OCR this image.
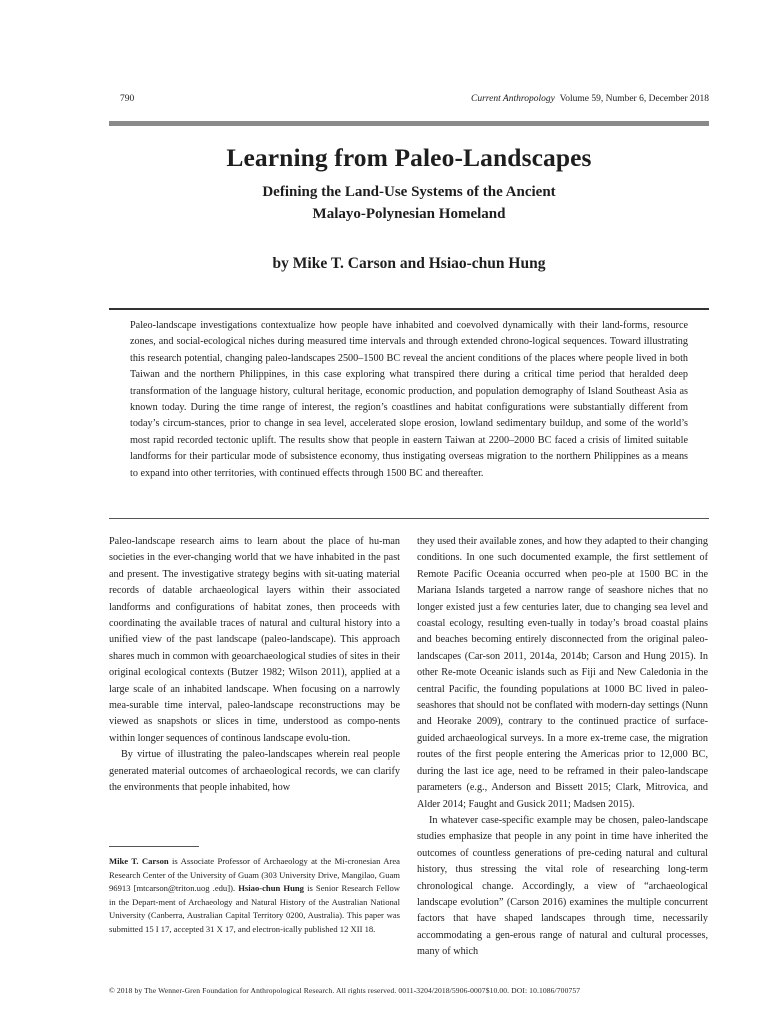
790	Current Anthropology Volume 59, Number 6, December 2018
Learning from Paleo-Landscapes
Defining the Land-Use Systems of the Ancient
Malayo-Polynesian Homeland
by Mike T. Carson and Hsiao-chun Hung
Paleo-landscape investigations contextualize how people have inhabited and coevolved dynamically with their land-forms, resource zones, and social-ecological niches during measured time intervals and through extended chrono-logical sequences. Toward illustrating this research potential, changing paleo-landscapes 2500–1500 BC reveal the ancient conditions of the places where people lived in both Taiwan and the northern Philippines, in this case exploring what transpired there during a critical time period that heralded deep transformation of the language history, cultural heritage, economic production, and population demography of Island Southeast Asia as known today. During the time range of interest, the region’s coastlines and habitat configurations were substantially different from today’s circum-stances, prior to change in sea level, accelerated slope erosion, lowland sedimentary buildup, and some of the world’s most rapid recorded tectonic uplift. The results show that people in eastern Taiwan at 2200–2000 BC faced a crisis of limited suitable landforms for their particular mode of subsistence economy, thus instigating overseas migration to the northern Philippines as a means to expand into other territories, with continued effects through 1500 BC and thereafter.

Paleo-landscape research aims to learn about the place of hu-man societies in the ever-changing world that we have inhabited in the past and present. The investigative strategy begins with sit-uating material records of datable archaeological layers within their associated landforms and configurations of habitat zones, then proceeds with coordinating the available traces of natural and cultural history into a unified view of the past landscape (paleo-landscape). This approach shares much in common with geoarchaeological studies of sites in their original ecological contexts (Butzer 1982; Wilson 2011), applied at a large scale of an inhabited landscape. When focusing on a narrowly mea-surable time interval, paleo-landscape reconstructions may be viewed as snapshots or slices in time, understood as compo-nents within longer sequences of continous landscape evolu-tion.

By virtue of illustrating the paleo-landscapes wherein real people generated material outcomes of archaeological records, we can clarify the environments that people inhabited, how

they used their available zones, and how they adapted to their changing conditions. In one such documented example, the first settlement of Remote Pacific Oceania occurred when peo-ple at 1500 BC in the Mariana Islands targeted a narrow range of seashore niches that no longer existed just a few centuries later, due to changing sea level and coastal ecology, resulting even-tually in today’s broad coastal plains and beaches becoming entirely disconnected from the original paleo-landscapes (Car-son 2011, 2014a, 2014b; Carson and Hung 2015). In other Re-mote Oceanic islands such as Fiji and New Caledonia in the central Pacific, the founding populations at 1000 BC lived in paleo-seashores that should not be conflated with modern-day settings (Nunn and Heorake 2009), contrary to the continued practice of surface-guided archaeological surveys. In a more ex-treme case, the migration routes of the first people entering the Americas prior to 12,000 BC, during the last ice age, need to be reframed in their paleo-landscape parameters (e.g., Anderson and Bissett 2015; Clark, Mitrovica, and Alder 2014; Faught and Gusick 2011; Madsen 2015).

In whatever case-specific example may be chosen, paleo-landscape studies emphasize that people in any point in time have inherited the outcomes of countless generations of pre-ceding natural and cultural history, thus stressing the vital role of researching long-term chronological change. Accordingly, a view of “archaeological landscape evolution” (Carson 2016) examines the multiple concurrent factors that have shaped landscapes through time, necessarily accommodating a gen-erous range of natural and cultural processes, many of which

Mike T. Carson is Associate Professor of Archaeology at the Mi-cronesian Area Research Center of the University of Guam (303 University Drive, Mangilao, Guam 96913 [mtcarson@triton.uog .edu]). Hsiao-chun Hung is Senior Research Fellow in the Depart-ment of Archaeology and Natural History of the Australian National University (Canberra, Australian Capital Territory 0200, Australia). This paper was submitted 15 I 17, accepted 31 X 17, and electron-ically published 12 XII 18.
© 2018 by The Wenner-Gren Foundation for Anthropological Research. All rights reserved. 0011-3204/2018/5906-0007$10.00. DOI: 10.1086/700757
